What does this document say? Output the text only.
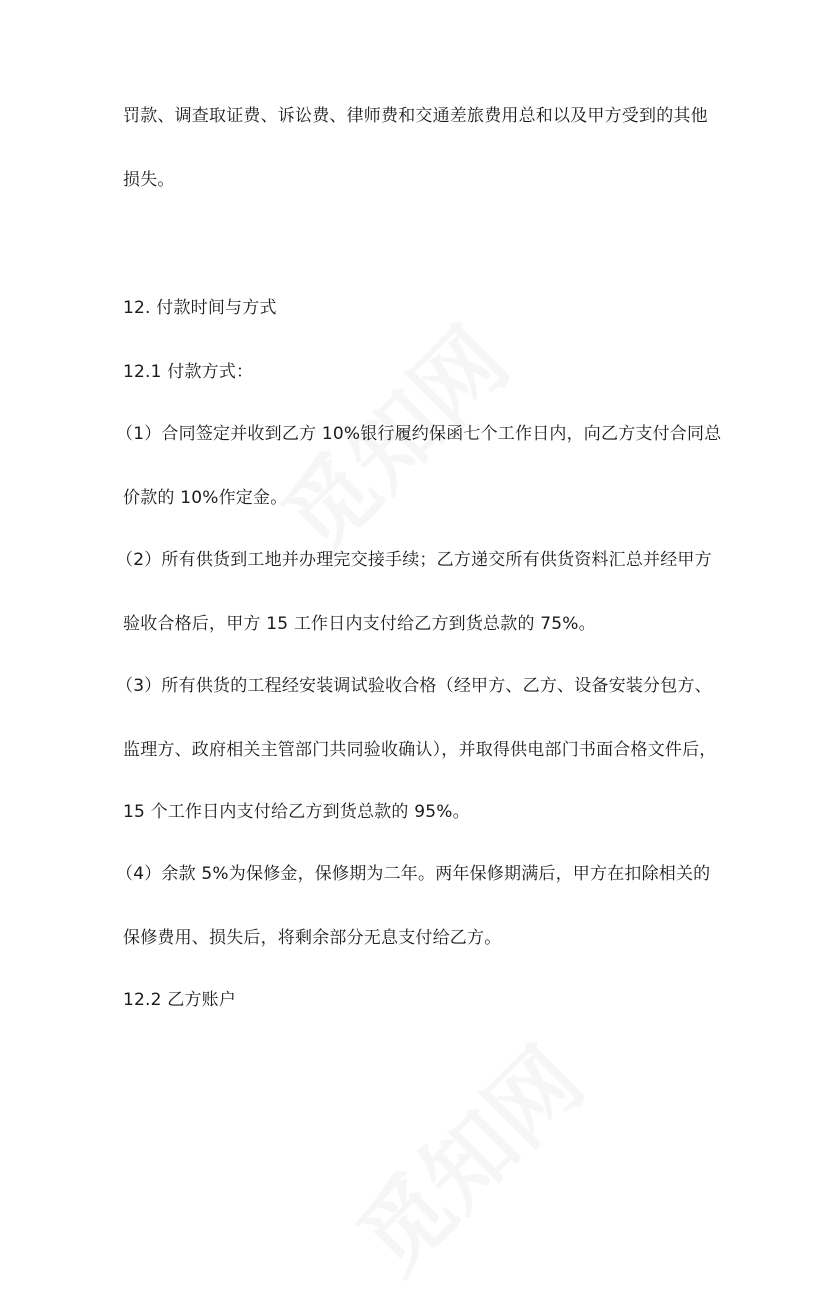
罚款、调查取证费、诉讼费、律师费和交通差旅费用总和以及甲方受到的其他
损失。
12. 付款时间与方式
12.1 付款方式：
（1）合同签定并收到乙方 10%银行履约保函七个工作日内，向乙方支付合同总
价款的 10%作定金。
（2）所有供货到工地并办理完交接手续；乙方递交所有供货资料汇总并经甲方
验收合格后，甲方 15 工作日内支付给乙方到货总款的 75%。
（3）所有供货的工程经安装调试验收合格（经甲方、乙方、设备安装分包方、
监理方、政府相关主管部门共同验收确认），并取得供电部门书面合格文件后，
15 个工作日内支付给乙方到货总款的 95%。
（4）余款 5%为保修金，保修期为二年。两年保修期满后，甲方在扣除相关的
保修费用、损失后，将剩余部分无息支付给乙方。
12.2 乙方账户
